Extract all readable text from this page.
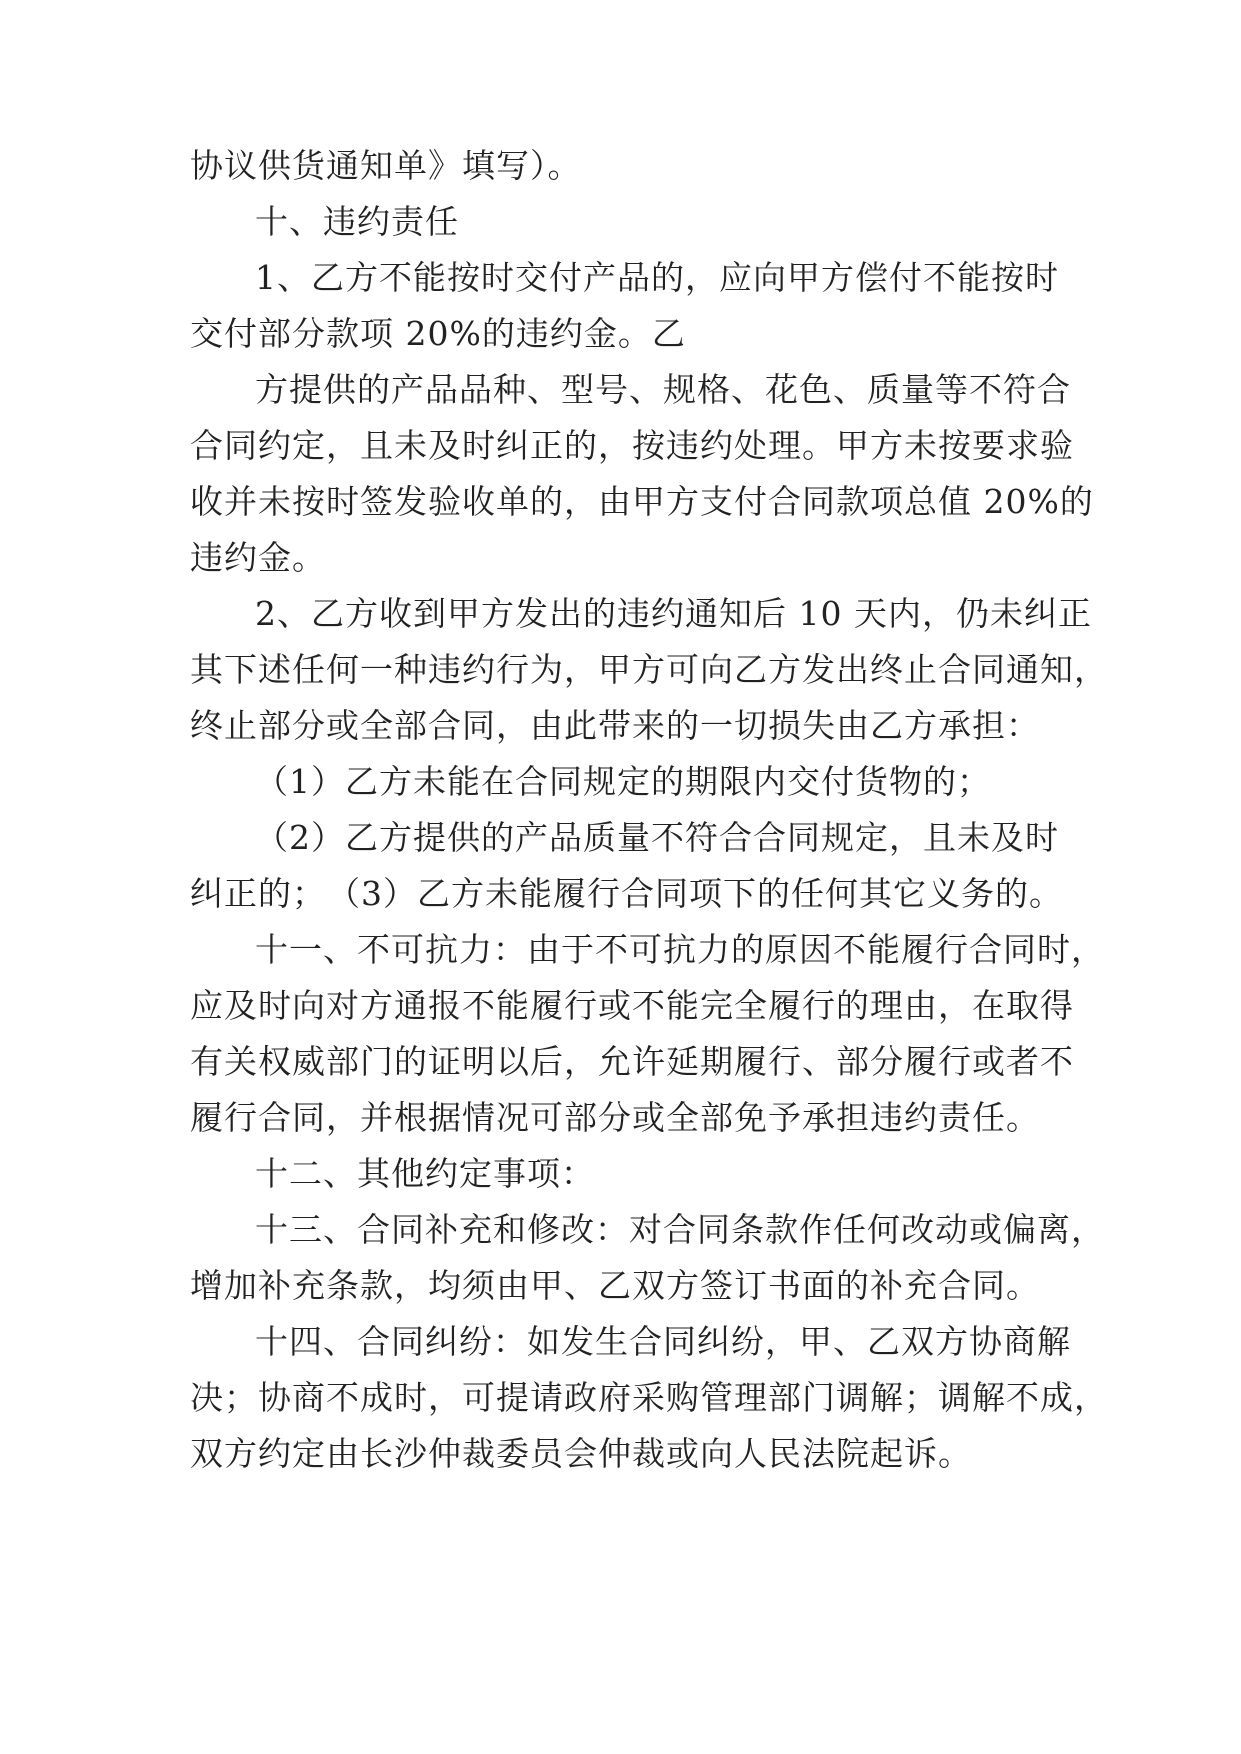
协议供货通知单》填写）。
十、违约责任
1、乙方不能按时交付产品的，应向甲方偿付不能按时
交付部分款项 20%的违约金。乙
方提供的产品品种、型号、规格、花色、质量等不符合
合同约定，且未及时纠正的，按违约处理。甲方未按要求验
收并未按时签发验收单的，由甲方支付合同款项总值 20%的
违约金。
2、乙方收到甲方发出的违约通知后 10 天内，仍未纠正
其下述任何一种违约行为，甲方可向乙方发出终止合同通知，
终止部分或全部合同，由此带来的一切损失由乙方承担：
（1）乙方未能在合同规定的期限内交付货物的；
（2）乙方提供的产品质量不符合合同规定，且未及时
纠正的；　（3）乙方未能履行合同项下的任何其它义务的。
十一、不可抗力：由于不可抗力的原因不能履行合同时，
应及时向对方通报不能履行或不能完全履行的理由，在取得
有关权威部门的证明以后，允许延期履行、部分履行或者不
履行合同，并根据情况可部分或全部免予承担违约责任。
十二、其他约定事项：
十三、合同补充和修改：对合同条款作任何改动或偏离，
增加补充条款，均须由甲、乙双方签订书面的补充合同。
十四、合同纠纷：如发生合同纠纷，甲、乙双方协商解
决；协商不成时，可提请政府采购管理部门调解；调解不成，
双方约定由长沙仲裁委员会仲裁或向人民法院起诉。
